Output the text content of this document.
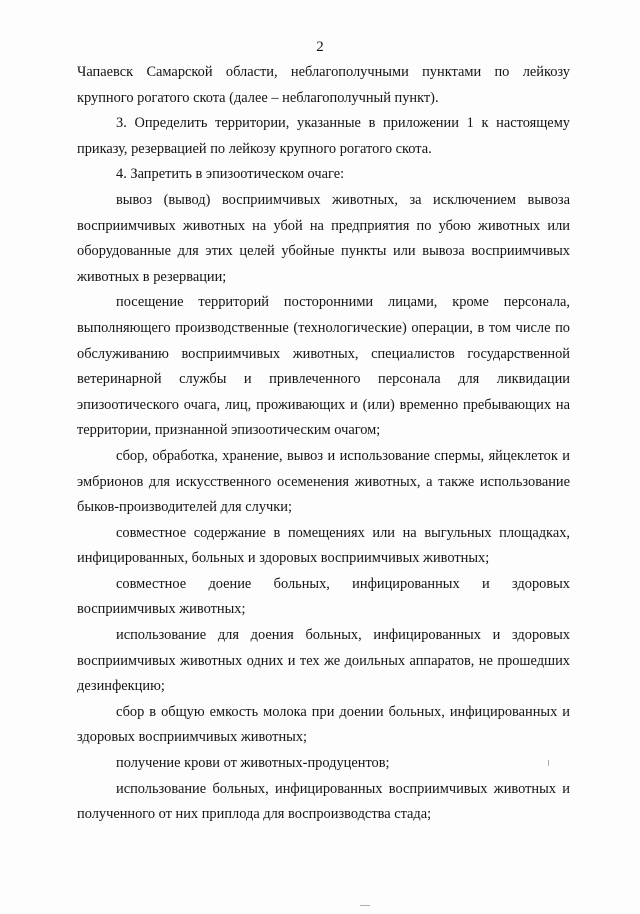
2

Чапаевск Самарской области, неблагополучными пунктами по лейкозу крупного рогатого скота (далее – неблагополучный пункт).

3. Определить территории, указанные в приложении 1 к настоящему приказу, резервацией по лейкозу крупного рогатого скота.

4. Запретить в эпизоотическом очаге:

вывоз (вывод) восприимчивых животных, за исключением вывоза восприимчивых животных на убой на предприятия по убою животных или оборудованные для этих целей убойные пункты или вывоза восприимчивых животных в резервации;

посещение территорий посторонними лицами, кроме персонала, выполняющего производственные (технологические) операции, в том числе по обслуживанию восприимчивых животных, специалистов государственной ветеринарной службы и привлеченного персонала для ликвидации эпизоотического очага, лиц, проживающих и (или) временно пребывающих на территории, признанной эпизоотическим очагом;

сбор, обработка, хранение, вывоз и использование спермы, яйцеклеток и эмбрионов для искусственного осеменения животных, а также использование быков-производителей для случки;

совместное содержание в помещениях или на выгульных площадках, инфицированных, больных и здоровых восприимчивых животных;

совместное доение больных, инфицированных и здоровых восприимчивых животных;

использование для доения больных, инфицированных и здоровых восприимчивых животных одних и тех же доильных аппаратов, не прошедших дезинфекцию;

сбор в общую емкость молока при доении больных, инфицированных и здоровых восприимчивых животных;

получение крови от животных-продуцентов;

использование больных, инфицированных восприимчивых животных и полученного от них приплода для воспроизводства стада;
